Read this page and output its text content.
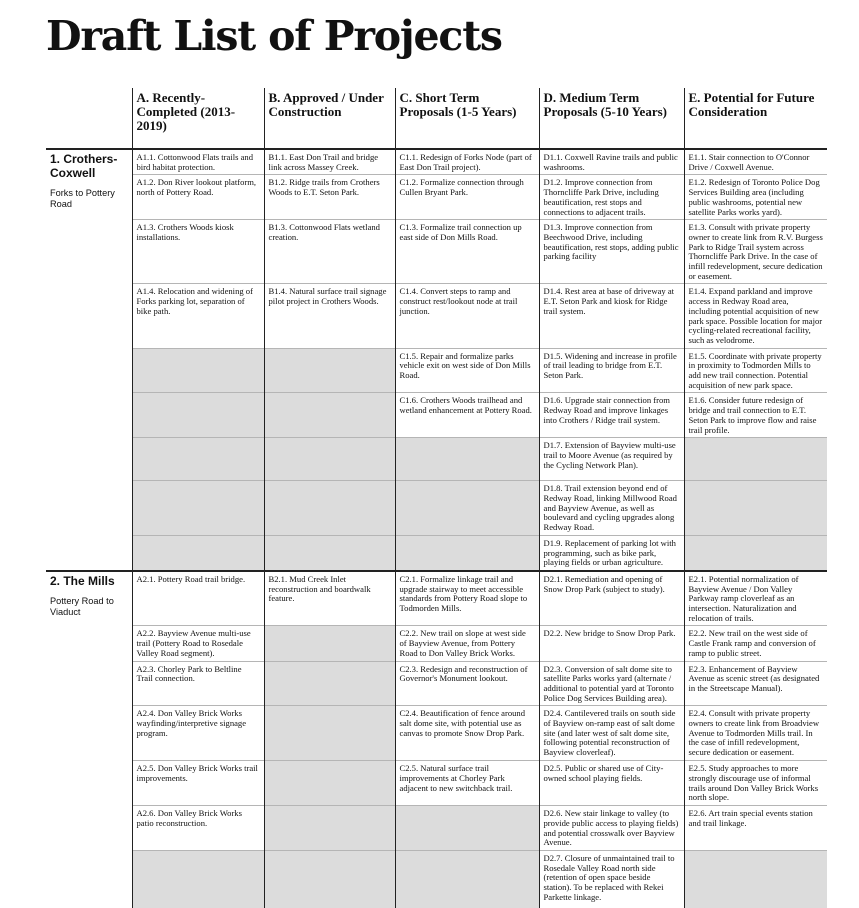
Draft List of Projects
	A. Recently-Completed (2013-2019)	B. Approved / Under Construction	C. Short Term Proposals (1-5 Years)	D. Medium Term Proposals (5-10 Years)	E. Potential for Future Consideration

1. Crothers-Coxwell
Forks to Pottery Road	A1.1. Cottonwood Flats trails and bird habitat protection.	B1.1. East Don Trail and bridge link across Massey Creek.	C1.1. Redesign of Forks Node (part of East Don Trail project).	D1.1. Coxwell Ravine trails and public washrooms.	E1.1. Stair connection to O'Connor Drive / Coxwell Avenue.
	A1.2. Don River lookout platform, north of Pottery Road.	B1.2. Ridge trails from Crothers Woods to E.T. Seton Park.	C1.2. Formalize connection through Cullen Bryant Park.	D1.2. Improve connection from Thorncliffe Park Drive, including beautification, rest stops and connections to adjacent trails.	E1.2. Redesign of Toronto Police Dog Services Building area (including public washrooms, potential new satellite Parks works yard).
	A1.3. Crothers Woods kiosk installations.	B1.3. Cottonwood Flats wetland creation.	C1.3. Formalize trail connection up east side of Don Mills Road.	D1.3. Improve connection from Beechwood Drive, including beautification, rest stops, adding public parking facility	E1.3. Consult with private property owner to create link from R.V. Burgess Park to Ridge Trail system across Thorncliffe Park Drive. In the case of infill redevelopment, secure dedication or easement.
	A1.4. Relocation and widening of Forks parking lot, separation of bike path.	B1.4. Natural surface trail signage pilot project in Crothers Woods.	C1.4. Convert steps to ramp and construct rest/lookout node at trail junction.	D1.4. Rest area at base of driveway at E.T. Seton Park and kiosk for Ridge trail system.	E1.4. Expand parkland and improve access in Redway Road area, including potential acquisition of new park space. Possible location for major cycling-related recreational facility, such as velodrome.
			C1.5. Repair and formalize parks vehicle exit on west side of Don Mills Road.	D1.5. Widening and increase in profile of trail leading to bridge from E.T. Seton Park.	E1.5. Coordinate with private property in proximity to Todmorden Mills to add new trail connection. Potential acquisition of new park space.
			C1.6. Crothers Woods trailhead and wetland enhancement at Pottery Road.	D1.6. Upgrade stair connection from Redway Road and improve linkages into Crothers / Ridge trail system.	E1.6. Consider future redesign of bridge and trail connection to E.T. Seton Park to improve flow and raise trail profile.
				D1.7. Extension of Bayview multi-use trail to Moore Avenue (as required by the Cycling Network Plan).	
				D1.8. Trail extension beyond end of Redway Road, linking Millwood Road and Bayview Avenue, as well as boulevard and cycling upgrades along Redway Road.	
				D1.9. Replacement of parking lot with programming, such as bike park, playing fields or urban agriculture.	

2. The Mills
Pottery Road to Viaduct	A2.1. Pottery Road trail bridge.	B2.1. Mud Creek Inlet reconstruction and boardwalk feature.	C2.1. Formalize linkage trail and upgrade stairway to meet accessible standards from Pottery Road slope to Todmorden Mills.	D2.1. Remediation and opening of Snow Drop Park (subject to study).	E2.1. Potential normalization of Bayview Avenue / Don Valley Parkway ramp cloverleaf as an intersection. Naturalization and relocation of trails.
	A2.2. Bayview Avenue multi-use trail (Pottery Road to Rosedale Valley Road segment).		C2.2. New trail on slope at west side of Bayview Avenue, from Pottery Road to Don Valley Brick Works.	D2.2. New bridge to Snow Drop Park.	E2.2. New trail on the west side of Castle Frank ramp and conversion of ramp to public street.
	A2.3. Chorley Park to Beltline Trail connection.		C2.3. Redesign and reconstruction of Governor's Monument lookout.	D2.3. Conversion of salt dome site to satellite Parks works yard (alternate / additional to potential yard at Toronto Police Dog Services Building area).	E2.3. Enhancement of Bayview Avenue as scenic street (as designated in the Streetscape Manual).
	A2.4. Don Valley Brick Works wayfinding/interpretive signage program.		C2.4. Beautification of fence around salt dome site, with potential use as canvas to promote Snow Drop Park.	D2.4. Cantilevered trails on south side of Bayview on-ramp east of salt dome site (and later west of salt dome site, following potential reconstruction of Bayview cloverleaf).	E2.4. Consult with private property owners to create link from Broadview Avenue to Todmorden Mills trail. In the case of infill redevelopment, secure dedication or easement.
	A2.5. Don Valley Brick Works trail improvements.		C2.5. Natural surface trail improvements at Chorley Park adjacent to new switchback trail.	D2.5. Public or shared use of City-owned school playing fields.	E2.5. Study approaches to more strongly discourage use of informal trails around Don Valley Brick Works north slope.
	A2.6. Don Valley Brick Works patio reconstruction.			D2.6. New stair linkage to valley (to provide public access to playing fields) and potential crosswalk over Bayview Avenue.	E2.6. Art train special events station and trail linkage.
				D2.7. Closure of unmaintained trail to Rosedale Valley Road north side (retention of open space beside station). To be replaced with Rekei Parkette linkage.	
